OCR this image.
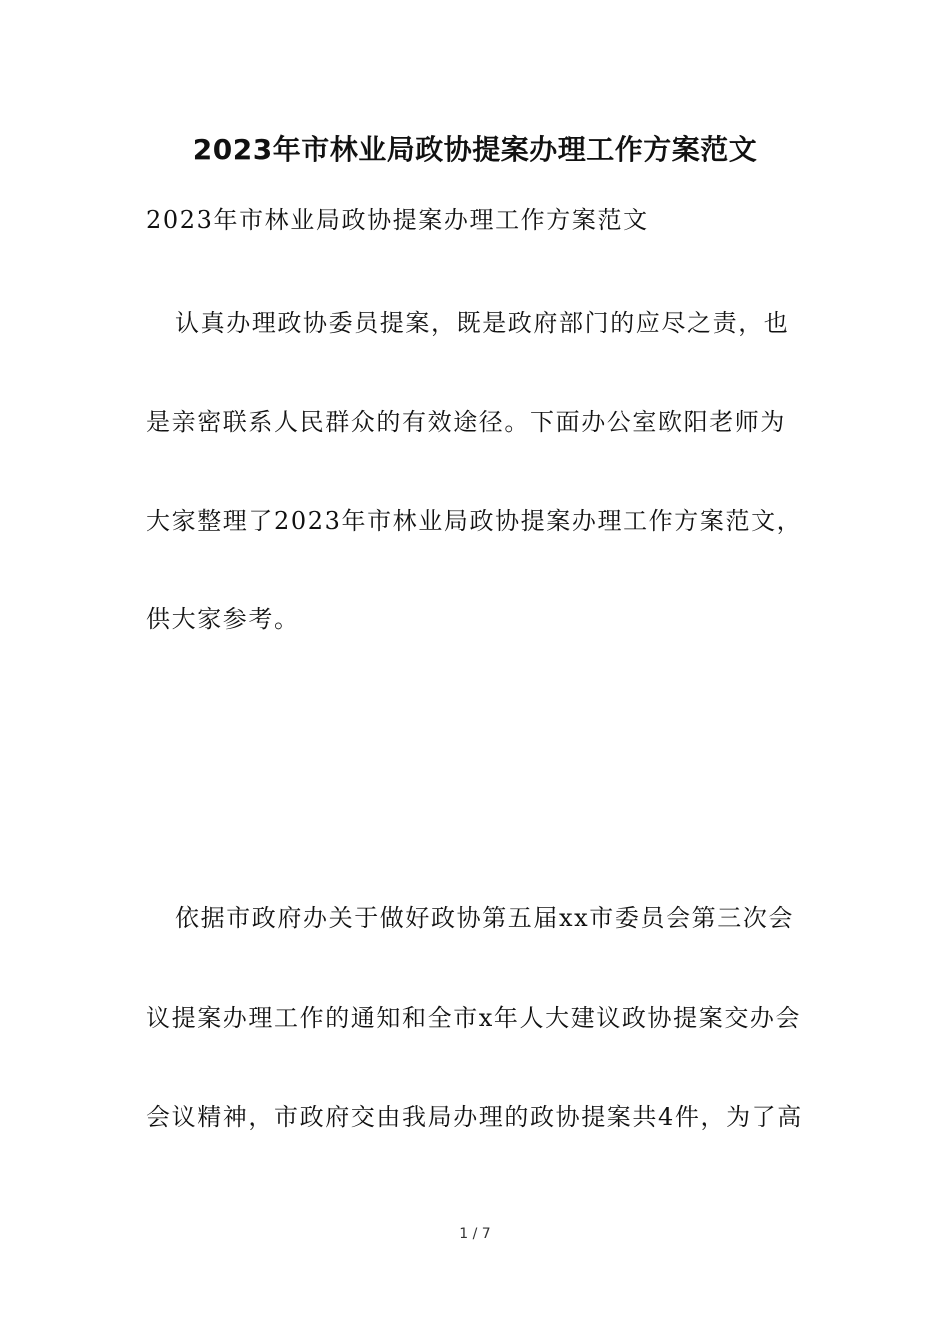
2023年市林业局政协提案办理工作方案范文
2023年市林业局政协提案办理工作方案范文
认真办理政协委员提案，既是政府部门的应尽之责，也
是亲密联系人民群众的有效途径。下面办公室欧阳老师为
大家整理了2023年市林业局政协提案办理工作方案范文，
供大家参考。
依据市政府办关于做好政协第五届xx市委员会第三次会
议提案办理工作的通知和全市x年人大建议政协提案交办会
会议精神，市政府交由我局办理的政协提案共4件，为了高
1 / 7
